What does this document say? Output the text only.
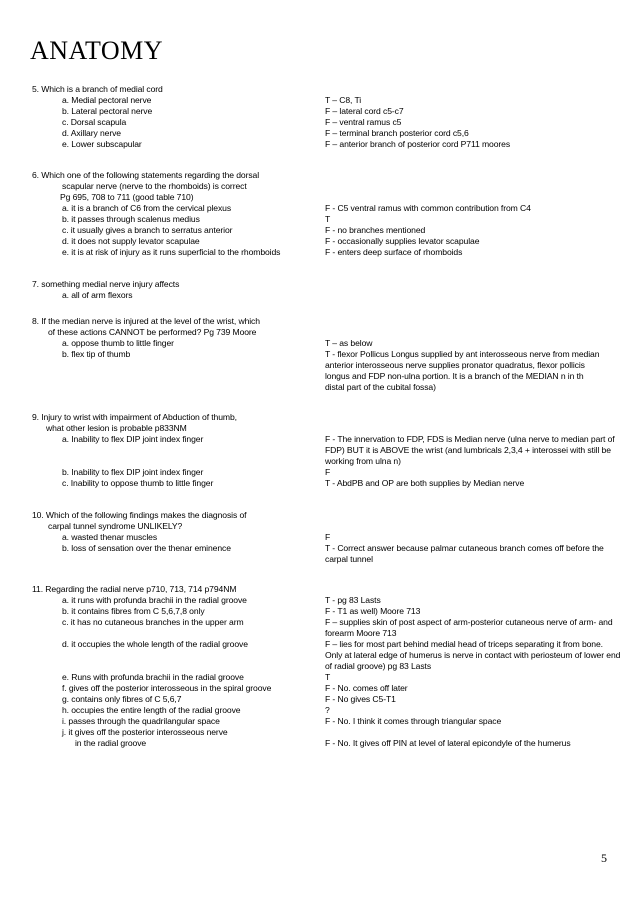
ANATOMY
5. Which is a branch of medial cord
a. Medial pectoral nerve	T – C8, Ti
b. Lateral pectoral nerve	F – lateral cord c5-c7
c. Dorsal scapula	F – ventral ramus c5
d. Axillary nerve	F – terminal branch posterior cord c5,6
e. Lower subscapular	F – anterior branch of posterior cord P711 moores
6. Which one of the following statements regarding the dorsal
scapular nerve (nerve to the rhomboids) is correct
Pg 695, 708 to 711 (good table 710)
a. it is a branch of C6 from the cervical plexus	F - C5 ventral ramus with common contribution from C4
b. it passes through scalenus medius	T
c. it usually gives a branch to serratus anterior	F - no branches mentioned
d. it does not supply levator scapulae	F - occasionally supplies levator scapulae
e. it is at risk of injury as it runs superficial to the rhomboids	F - enters deep surface of rhomboids
7. something medial nerve injury affects
a. all of arm flexors
8. If the median nerve is injured at the level of the wrist, which
of these actions CANNOT be performed? Pg 739 Moore
a. oppose thumb to little finger	T – as below
b. flex tip of thumb	T - flexor Pollicus Longus supplied by ant interosseous nerve from median
anterior interosseous nerve supplies pronator quadratus, flexor pollicis
longus and FDP non-ulna portion. It is a branch of the MEDIAN n in th
distal part of the cubital fossa)
9. Injury to wrist with impairment of Abduction of thumb,
what other lesion is probable p833NM
a. Inability to flex DIP joint index finger	F - The innervation to FDP, FDS is Median nerve (ulna nerve to median part of
FDP) BUT it is ABOVE the wrist (and lumbricals 2,3,4 + interossei with still be
working from ulna n)
b. Inability to flex DIP joint index finger	F
c. Inability to oppose thumb to little finger	T - AbdPB and OP are both supplies by Median nerve
10. Which of the following findings makes the diagnosis of
carpal tunnel syndrome UNLIKELY?
a. wasted thenar muscles	F
b. loss of sensation over the thenar eminence	T - Correct answer because palmar cutaneous branch comes off before the
carpal tunnel
11. Regarding the radial nerve p710, 713, 714 p794NM
a. it runs with profunda brachii in the radial groove	T - pg 83 Lasts
b. it contains fibres from C 5,6,7,8 only	F - T1 as well) Moore 713
c. it has no cutaneous branches in the upper arm	F – supplies skin of post aspect of arm-posterior cutaneous nerve of arm- and
forearm Moore 713
d. it occupies the whole length of the radial groove	F – lies for most part behind medial head of triceps separating it from bone.
Only at lateral edge of humerus is nerve in contact with periosteum of lower end
of radial groove) pg 83 Lasts
e. Runs with profunda brachii in the radial groove	T
f. gives off the posterior interosseous in the spiral groove	F - No. comes off later
g. contains only fibres of C 5,6,7	F - No gives C5-T1
h. occupies the entire length of the radial groove	?
i. passes through the quadrilangular space	F - No. I think it comes through triangular space
j. it gives off the posterior interosseous nerve
in the radial groove
	F - No. It gives off PIN at level of lateral epicondyle of the humerus
5
